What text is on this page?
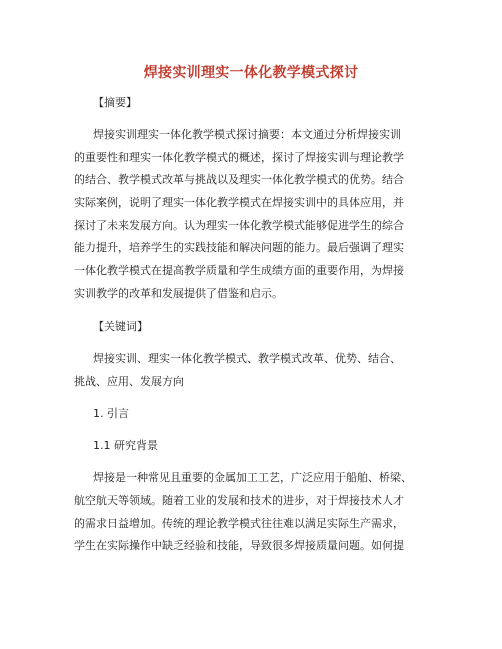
焊接实训理实一体化教学模式探讨
【摘要】
焊接实训理实一体化教学模式探讨摘要：本文通过分析焊接实训
的重要性和理实一体化教学模式的概述，探讨了焊接实训与理论教学
的结合、教学模式改革与挑战以及理实一体化教学模式的优势。结合
实际案例，说明了理实一体化教学模式在焊接实训中的具体应用，并
探讨了未来发展方向。认为理实一体化教学模式能够促进学生的综合
能力提升，培养学生的实践技能和解决问题的能力。最后强调了理实
一体化教学模式在提高教学质量和学生成绩方面的重要作用，为焊接
实训教学的改革和发展提供了借鉴和启示。
【关键词】
焊接实训、理实一体化教学模式、教学模式改革、优势、结合、
挑战、应用、发展方向
1. 引言
1.1 研究背景
焊接是一种常见且重要的金属加工工艺，广泛应用于船舶、桥梁、
航空航天等领域。随着工业的发展和技术的进步，对于焊接技术人才
的需求日益增加。传统的理论教学模式往往难以满足实际生产需求，
学生在实际操作中缺乏经验和技能，导致很多焊接质量问题。如何提
